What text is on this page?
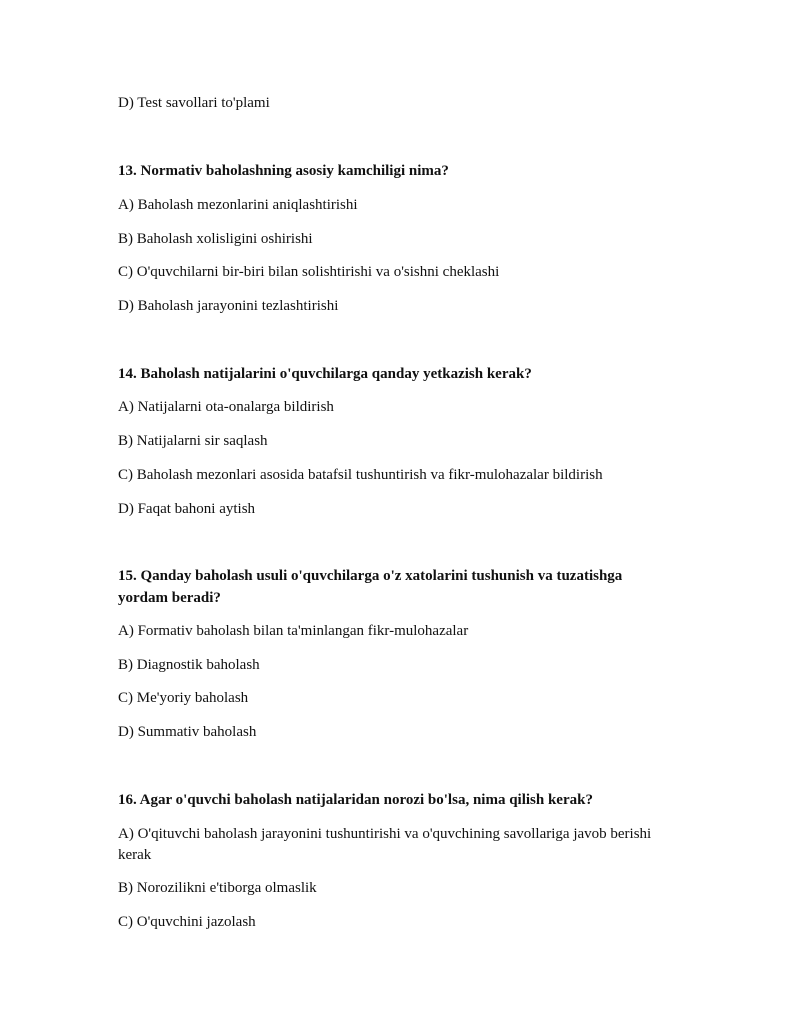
D) Test savollari to'plami
13. Normativ baholashning asosiy kamchiligi nima?
A) Baholash mezonlarini aniqlashtirishi
B) Baholash xolisligini oshirishi
C) O'quvchilarni bir-biri bilan solishtirishi va o'sishni cheklashi
D) Baholash jarayonini tezlashtirishi
14. Baholash natijalarini o'quvchilarga qanday yetkazish kerak?
A) Natijalarni ota-onalarga bildirish
B) Natijalarni sir saqlash
C) Baholash mezonlari asosida batafsil tushuntirish va fikr-mulohazalar bildirish
D) Faqat bahoni aytish
15. Qanday baholash usuli o'quvchilarga o'z xatolarini tushunish va tuzatishga
yordam beradi?
A) Formativ baholash bilan ta'minlangan fikr-mulohazalar
B) Diagnostik baholash
C) Me'yoriy baholash
D) Summativ baholash
16. Agar o'quvchi baholash natijalaridan norozi bo'lsa, nima qilish kerak?
A) O'qituvchi baholash jarayonini tushuntirishi va o'quvchining savollariga javob berishi
kerak
B) Norozilikni e'tiborga olmaslik
C) O'quvchini jazolash
